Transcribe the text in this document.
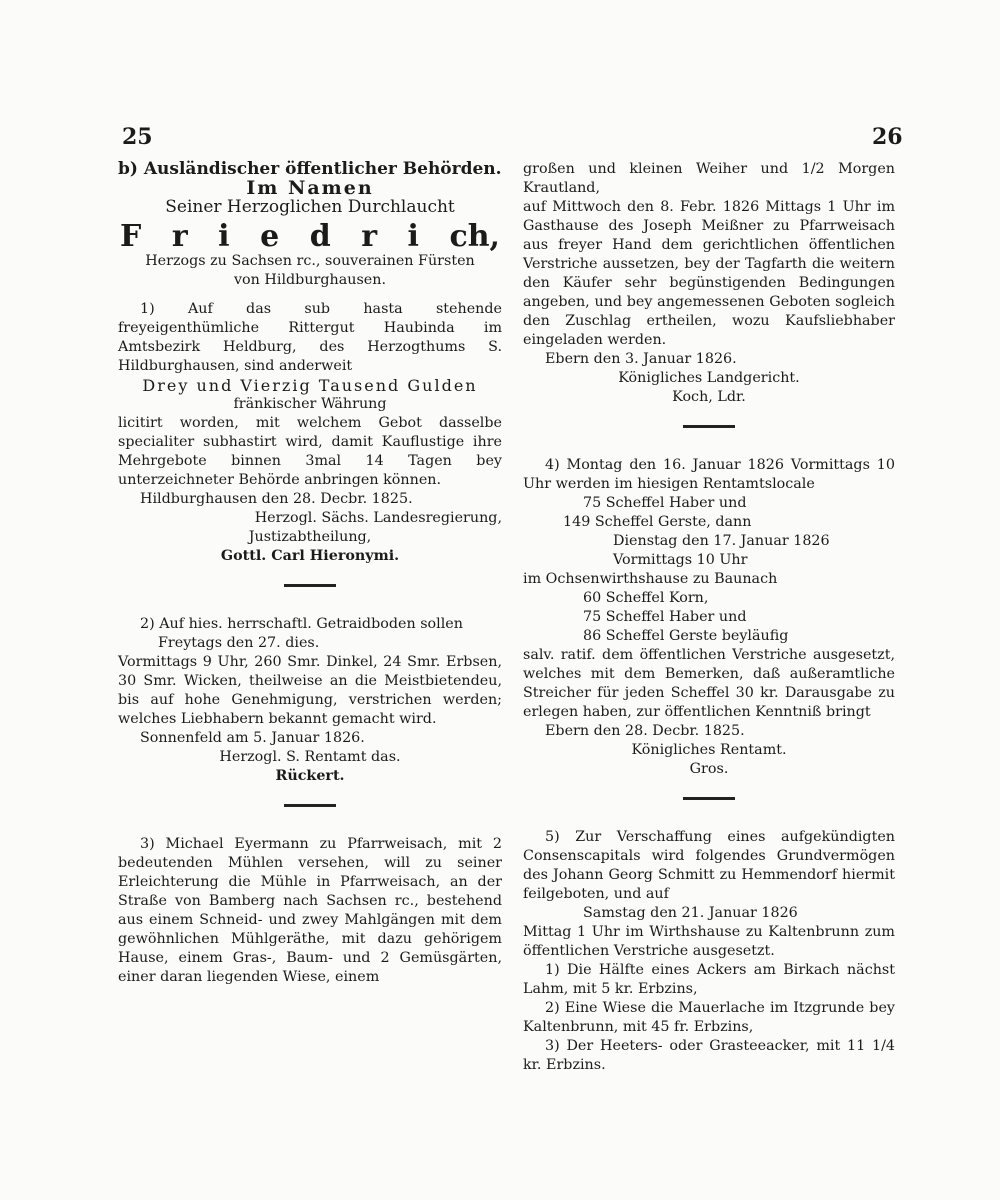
25	26

b) Ausländischer öffentlicher Behörden.

Im Namen

Seiner Herzoglichen Durchlaucht

F r i e d r i ch,

Herzogs zu Sachsen rc., souverainen Fürsten

von Hildburghausen.

1) Auf das sub hasta stehende freyeigenthümliche Rittergut Haubinda im Amtsbezirk Heldburg, des Herzogthums S. Hildburghausen, sind anderweit

Drey und Vierzig Tausend Gulden

fränkischer Währung

licitirt worden, mit welchem Gebot dasselbe specialiter subhastirt wird, damit Kauflustige ihre Mehrgebote binnen 3mal 14 Tagen bey unterzeichneter Behörde anbringen können.

Hildburghausen den 28. Decbr. 1825.

Herzogl. Sächs. Landesregierung,

Justizabtheilung,

Gottl. Carl Hieronymi.

2) Auf hies. herrschaftl. Getraidboden sollen

Freytags den 27. dies.

Vormittags 9 Uhr, 260 Smr. Dinkel, 24 Smr. Erbsen, 30 Smr. Wicken, theilweise an die Meistbietendeu, bis auf hohe Genehmigung, verstrichen werden; welches Liebhabern bekannt gemacht wird.

Sonnenfeld am 5. Januar 1826.

Herzogl. S. Rentamt das.

Rückert.

3) Michael Eyermann zu Pfarrweisach, mit 2 bedeutenden Mühlen versehen, will zu seiner Erleichterung die Mühle in Pfarrweisach, an der Straße von Bamberg nach Sachsen rc., bestehend aus einem Schneid- und zwey Mahlgängen mit dem gewöhnlichen Mühlgeräthe, mit dazu gehörigem Hause, einem Gras-, Baum- und 2 Gemüsgärten, einer daran liegenden Wiese, einem

großen und kleinen Weiher und 1/2 Morgen Krautland,

auf Mittwoch den 8. Febr. 1826 Mittags 1 Uhr im Gasthause des Joseph Meißner zu Pfarrweisach aus freyer Hand dem gerichtlichen öffentlichen Verstriche aussetzen, bey der Tagfarth die weitern den Käufer sehr begünstigenden Bedingungen angeben, und bey angemessenen Geboten sogleich den Zuschlag ertheilen, wozu Kaufsliebhaber eingeladen werden.

Ebern den 3. Januar 1826.

Königliches Landgericht.

Koch, Ldr.

4) Montag den 16. Januar 1826 Vormittags 10 Uhr werden im hiesigen Rentamtslocale

75 Scheffel Haber und

149 Scheffel Gerste, dann

Dienstag den 17. Januar 1826

Vormittags 10 Uhr

im Ochsenwirthshause zu Baunach

60 Scheffel Korn,

75 Scheffel Haber und

86 Scheffel Gerste beyläufig

salv. ratif. dem öffentlichen Verstriche ausgesetzt, welches mit dem Bemerken, daß außeramtliche Streicher für jeden Scheffel 30 kr. Darausgabe zu erlegen haben, zur öffentlichen Kenntniß bringt

Ebern den 28. Decbr. 1825.

Königliches Rentamt.

Gros.

5) Zur Verschaffung eines aufgekündigten Consenscapitals wird folgendes Grundvermögen des Johann Georg Schmitt zu Hemmendorf hiermit feilgeboten, und auf

Samstag den 21. Januar 1826

Mittag 1 Uhr im Wirthshause zu Kaltenbrunn zum öffentlichen Verstriche ausgesetzt.

1) Die Hälfte eines Ackers am Birkach nächst Lahm, mit 5 kr. Erbzins,

2) Eine Wiese die Mauerlache im Itzgrunde bey Kaltenbrunn, mit 45 fr. Erbzins,

3) Der Heeters- oder Grasteeacker, mit 11 1/4 kr. Erbzins.
